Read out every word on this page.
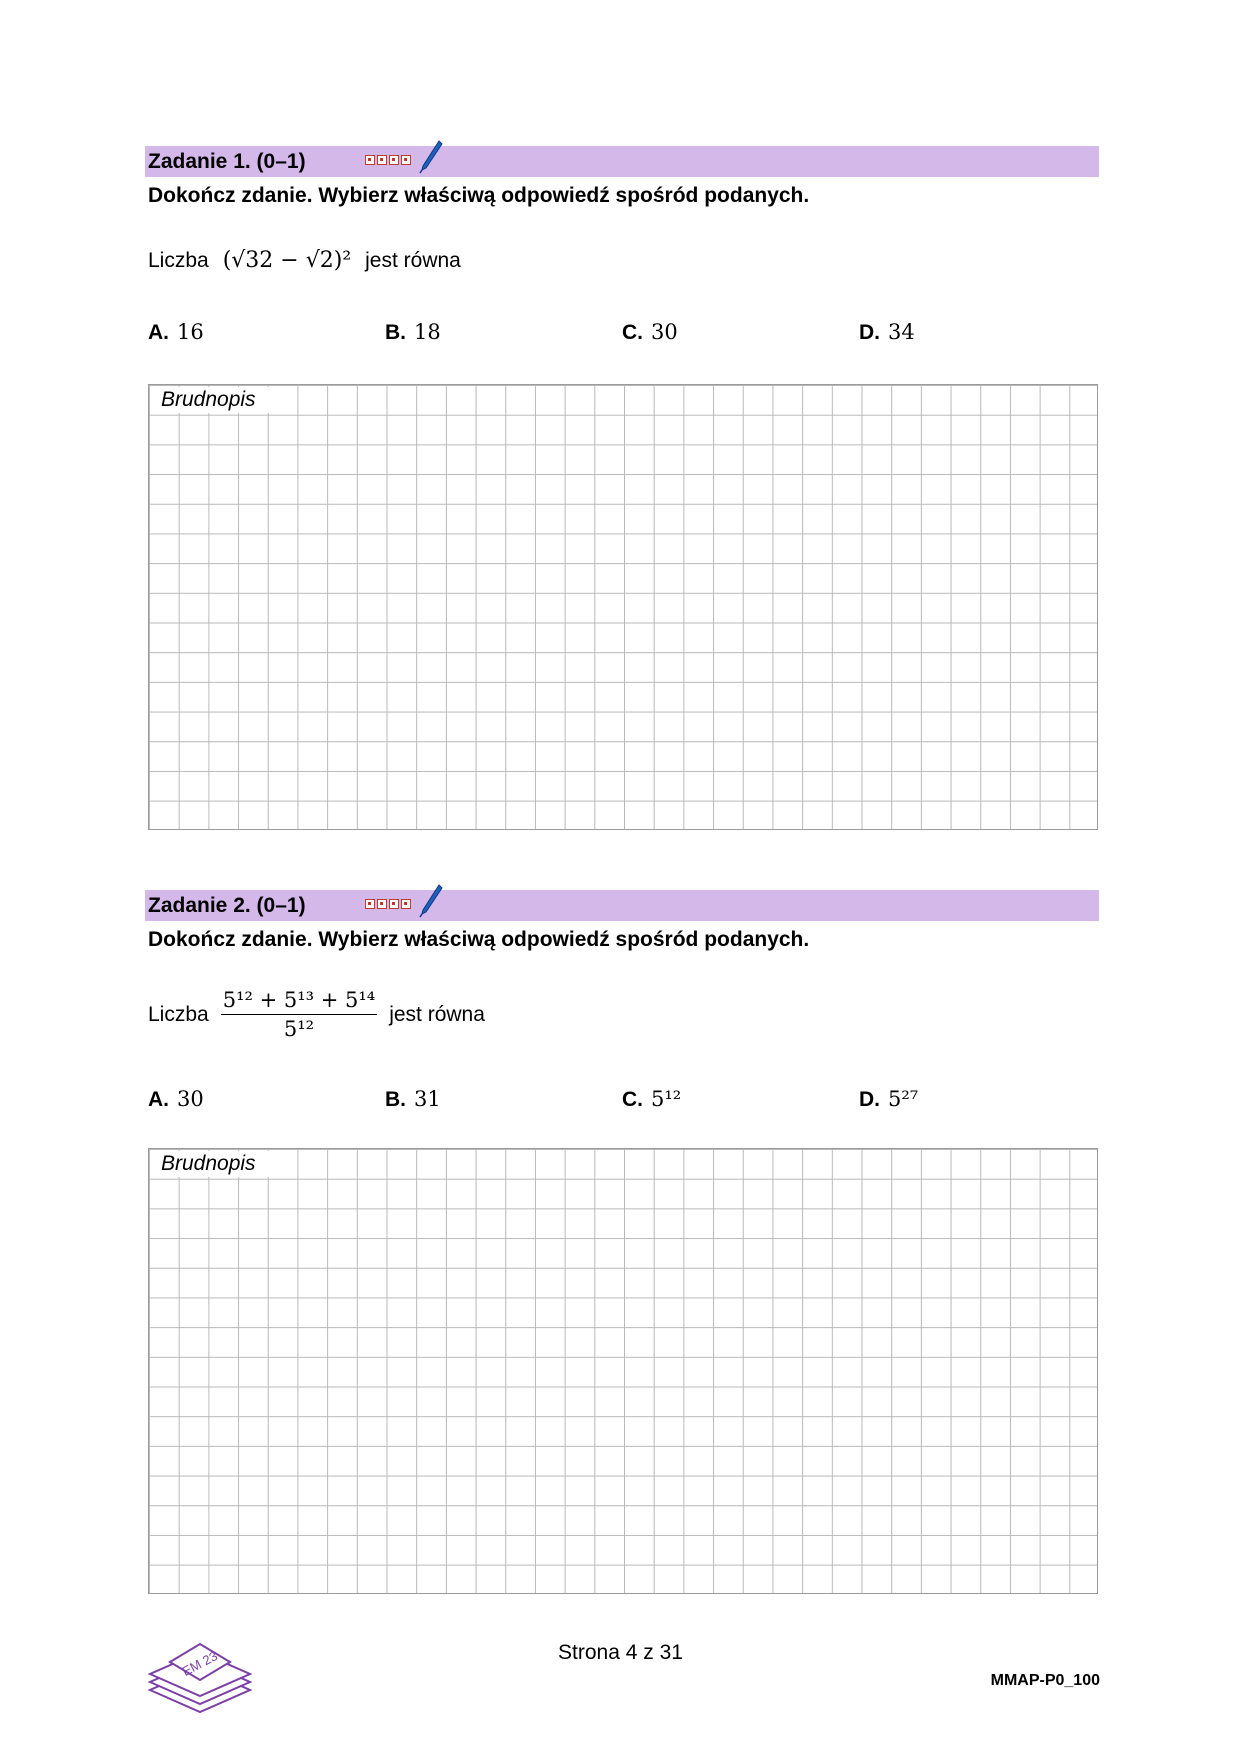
Zadanie 1. (0–1)
Dokończ zdanie. Wybierz właściwą odpowiedź spośród podanych.
Liczba (√32 − √2)² jest równa
A. 16	B. 18	C. 30	D. 34
Brudnopis
Zadanie 2. (0–1)
Dokończ zdanie. Wybierz właściwą odpowiedź spośród podanych.
Liczba $\frac{\text{5¹² + 5¹³ + 5¹⁴}}{\text{5¹²}}$ jest równa
A. 30	B. 31	C. 5¹²	D. 5²⁷
Brudnopis
EM 23	Strona 4 z 31
MMAP-P0_100
